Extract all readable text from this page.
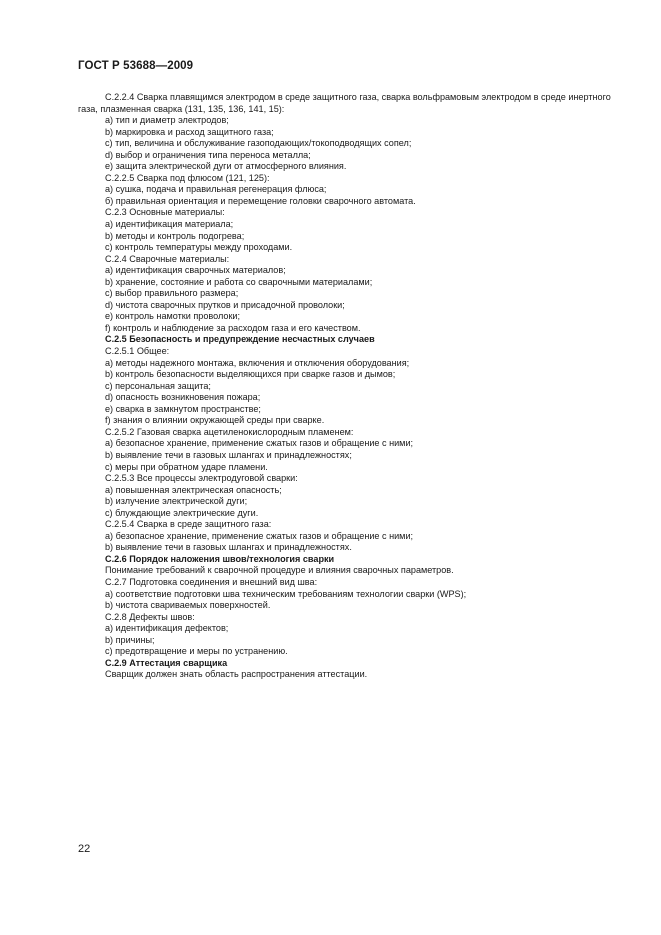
ГОСТ Р 53688—2009
C.2.2.4 Сварка плавящимся электродом в среде защитного газа, сварка вольфрамовым электродом в среде инертного газа, плазменная сварка (131, 135, 136, 141, 15):
a) тип и диаметр электродов;
b) маркировка и расход защитного газа;
c) тип, величина и обслуживание газоподающих/токоподводящих сопел;
d) выбор и ограничения типа переноса металла;
e) защита электрической дуги от атмосферного влияния.
C.2.2.5 Сварка под флюсом (121, 125):
a) сушка, подача и правильная регенерация флюса;
б) правильная ориентация и перемещение головки сварочного автомата.
C.2.3 Основные материалы:
a) идентификация материала;
b) методы и контроль подогрева;
c) контроль температуры между проходами.
C.2.4 Сварочные материалы:
a) идентификация сварочных материалов;
b) хранение, состояние и работа со сварочными материалами;
c) выбор правильного размера;
d) чистота сварочных прутков и присадочной проволоки;
e) контроль намотки проволоки;
f) контроль и наблюдение за расходом газа и его качеством.
C.2.5 Безопасность и предупреждение несчастных случаев
C.2.5.1 Общее:
a) методы надежного монтажа, включения и отключения оборудования;
b) контроль безопасности выделяющихся при сварке газов и дымов;
c) персональная защита;
d) опасность возникновения пожара;
e) сварка в замкнутом пространстве;
f) знания о влиянии окружающей среды при сварке.
C.2.5.2 Газовая сварка ацетиленокислородным пламенем:
a) безопасное хранение, применение сжатых газов и обращение с ними;
b) выявление течи в газовых шлангах и принадлежностях;
c) меры при обратном ударе пламени.
C.2.5.3 Все процессы электродуговой сварки:
a) повышенная электрическая опасность;
b) излучение электрической дуги;
c) блуждающие электрические дуги.
C.2.5.4 Сварка в среде защитного газа:
a) безопасное хранение, применение сжатых газов и обращение с ними;
b) выявление течи в газовых шлангах и принадлежностях.
C.2.6 Порядок наложения швов/технология сварки
Понимание требований к сварочной процедуре и влияния сварочных параметров.
C.2.7 Подготовка соединения и внешний вид шва:
a) соответствие подготовки шва техническим требованиям технологии сварки (WPS);
b) чистота свариваемых поверхностей.
C.2.8 Дефекты швов:
a) идентификация дефектов;
b) причины;
c) предотвращение и меры по устранению.
C.2.9 Аттестация сварщика
Сварщик должен знать область распространения аттестации.
22
